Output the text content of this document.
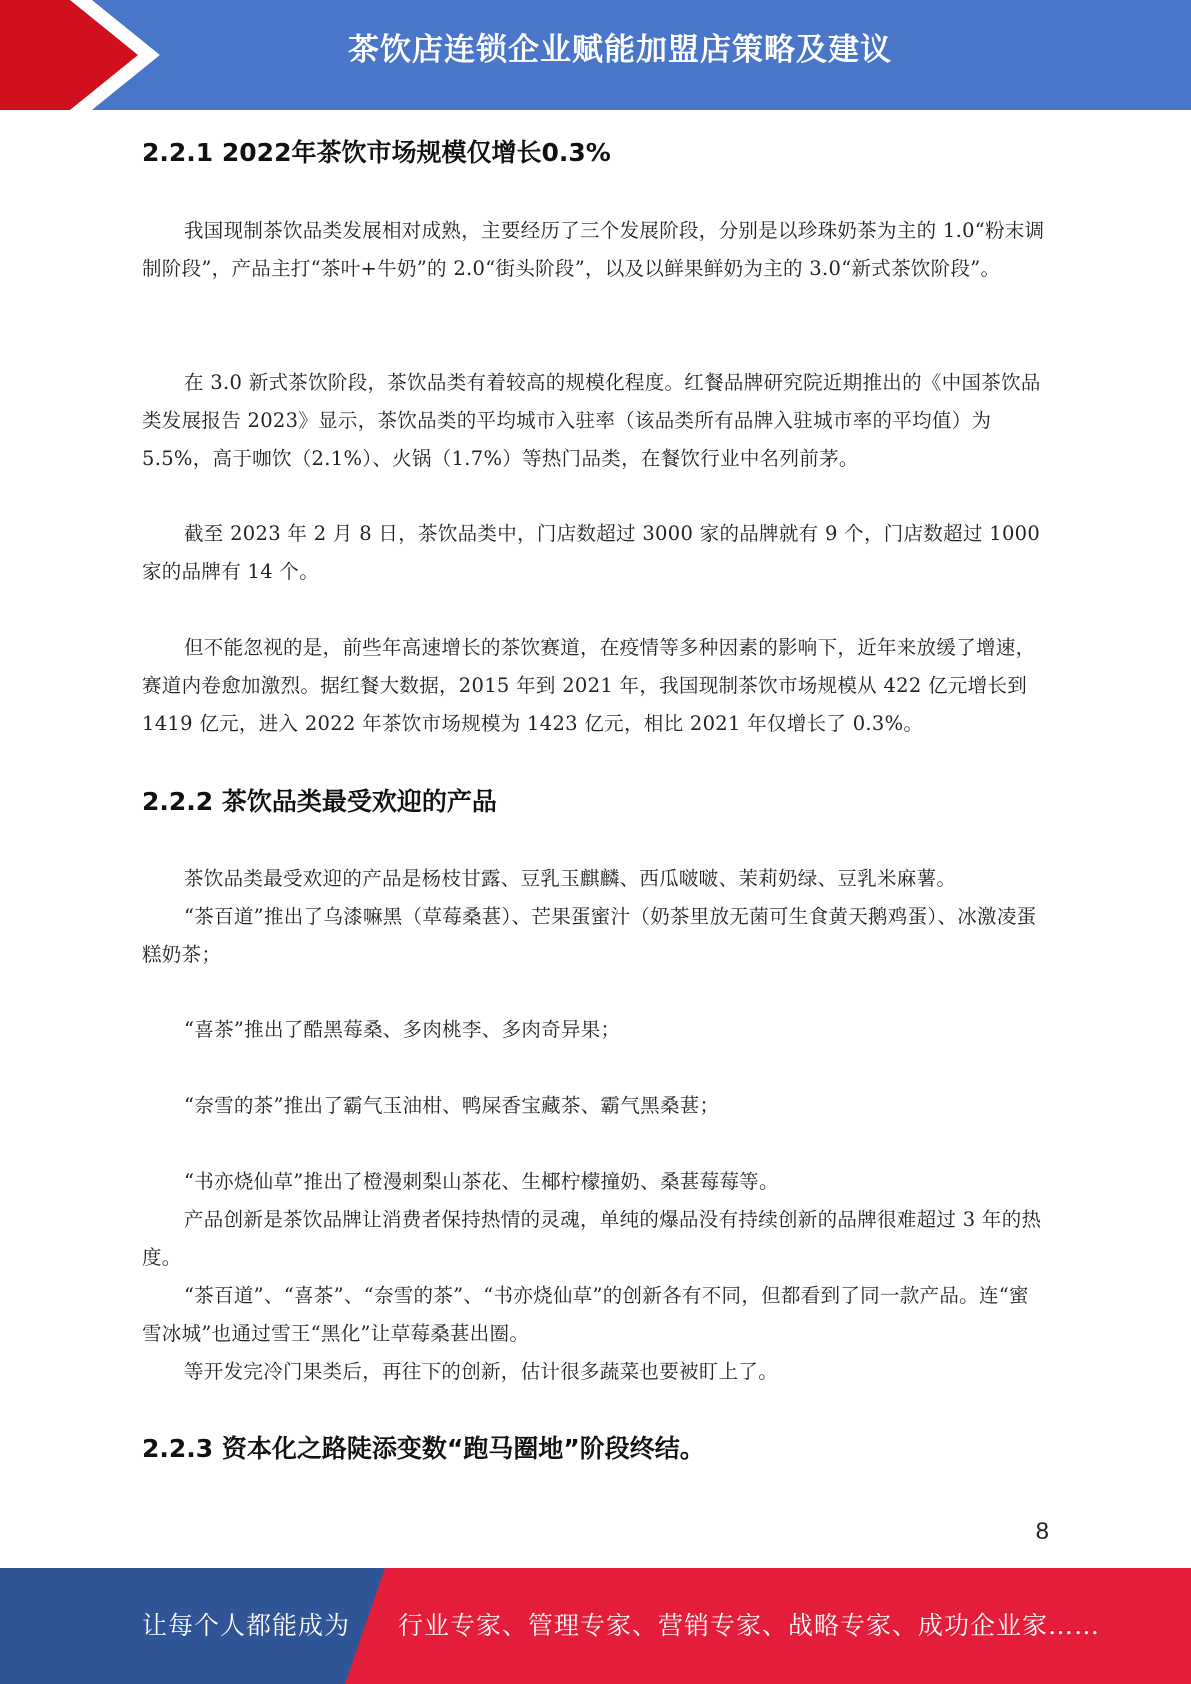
茶饮店连锁企业赋能加盟店策略及建议
2.2.1 2022年茶饮市场规模仅增长0.3%

我国现制茶饮品类发展相对成熟，主要经历了三个发展阶段，分别是以珍珠奶茶为主的 1.0“粉末调制阶段”，产品主打“茶叶+牛奶”的 2.0“街头阶段”，以及以鲜果鲜奶为主的 3.0“新式茶饮阶段”。

在 3.0 新式茶饮阶段，茶饮品类有着较高的规模化程度。红餐品牌研究院近期推出的《中国茶饮品类发展报告 2023》显示，茶饮品类的平均城市入驻率（该品类所有品牌入驻城市率的平均值）为 5.5%，高于咖饮（2.1%）、火锅（1.7%）等热门品类，在餐饮行业中名列前茅。

截至 2023 年 2 月 8 日，茶饮品类中，门店数超过 3000 家的品牌就有 9 个，门店数超过 1000 家的品牌有 14 个。

但不能忽视的是，前些年高速增长的茶饮赛道，在疫情等多种因素的影响下，近年来放缓了增速，赛道内卷愈加激烈。据红餐大数据，2015 年到 2021 年，我国现制茶饮市场规模从 422 亿元增长到 1419 亿元，进入 2022 年茶饮市场规模为 1423 亿元，相比 2021 年仅增长了 0.3%。

2.2.2 茶饮品类最受欢迎的产品

茶饮品类最受欢迎的产品是杨枝甘露、豆乳玉麒麟、西瓜啵啵、茉莉奶绿、豆乳米麻薯。

“茶百道”推出了乌漆嘛黑（草莓桑葚）、芒果蛋蜜汁（奶茶里放无菌可生食黄天鹅鸡蛋）、冰激凌蛋糕奶茶；

“喜茶”推出了酷黑莓桑、多肉桃李、多肉奇异果；

“奈雪的茶”推出了霸气玉油柑、鸭屎香宝藏茶、霸气黑桑葚；

“书亦烧仙草”推出了橙漫刺梨山茶花、生椰柠檬撞奶、桑葚莓莓等。

产品创新是茶饮品牌让消费者保持热情的灵魂，单纯的爆品没有持续创新的品牌很难超过 3 年的热度。

“茶百道”、“喜茶”、“奈雪的茶”、“书亦烧仙草”的创新各有不同，但都看到了同一款产品。连“蜜雪冰城”也通过雪王“黑化”让草莓桑葚出圈。

等开发完冷门果类后，再往下的创新，估计很多蔬菜也要被盯上了。

2.2.3 资本化之路陡添变数“跑马圈地”阶段终结。
8
让每个人都能成为 行业专家、管理专家、营销专家、战略专家、成功企业家……
